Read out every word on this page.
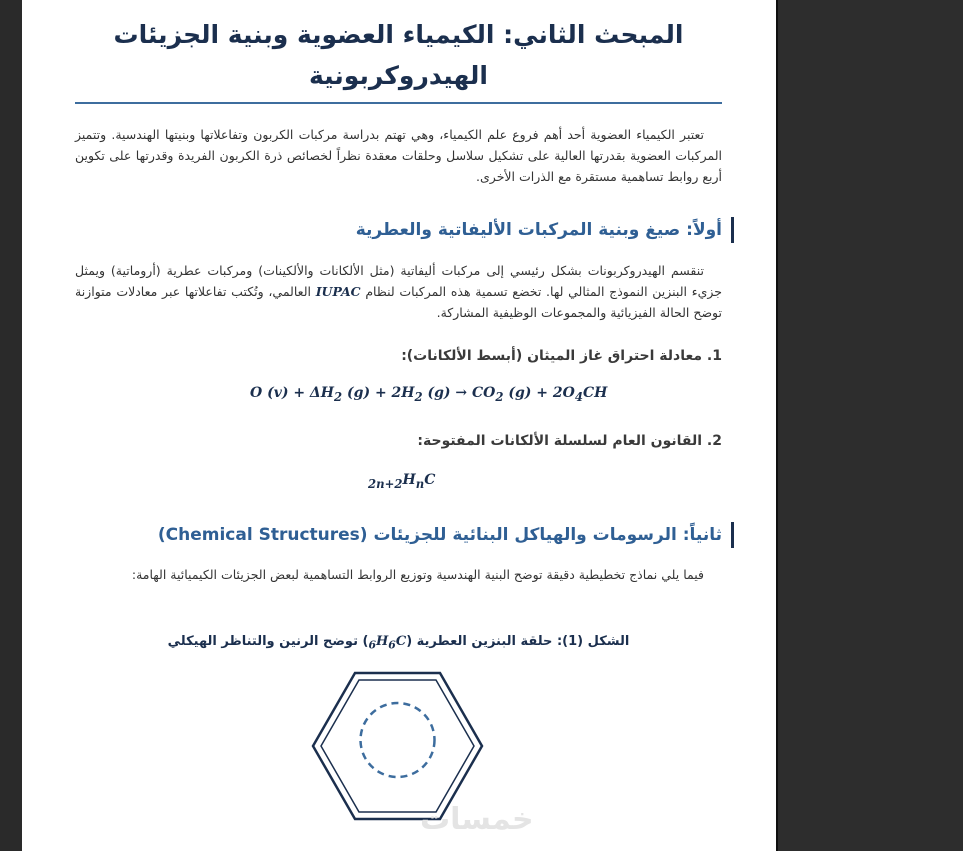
المبحث الثاني: الكيمياء العضوية وبنية الجزيئات الهيدروكربونية

تعتبر الكيمياء العضوية أحد أهم فروع علم الكيمياء، وهي تهتم بدراسة مركبات الكربون وتفاعلاتها وبنيتها الهندسية. وتتميز المركبات العضوية بقدرتها العالية على تشكيل سلاسل وحلقات معقدة نظراً لخصائص ذرة الكربون الفريدة وقدرتها على تكوين أربع روابط تساهمية مستقرة مع الذرات الأخرى.

أولاً: صيغ وبنية المركبات الأليفاتية والعطرية

تنقسم الهيدروكربونات بشكل رئيسي إلى مركبات أليفاتية (مثل الألكانات والألكينات) ومركبات عطرية (أروماتية) ويمثل جزيء البنزين النموذج المثالي لها. تخضع تسمية هذه المركبات لنظام IUPAC العالمي، وتُكتب تفاعلاتها عبر معادلات متوازنة توضح الحالة الفيزيائية والمجموعات الوظيفية المشاركة.

1. معادلة احتراق غاز الميثان (أبسط الألكانات):
O $(v) + \Delta H_2$ $(g) + 2H_2$ $(g) \to CO_2$ $(g) + 2O_4CH$
2. القانون العام لسلسلة الألكانات المفتوحة:
$_{2n+2}H_nC$
ثانياً: الرسومات والهياكل البنائية للجزيئات (Chemical Structures)

فيما يلي نماذج تخطيطية دقيقة توضح البنية الهندسية وتوزيع الروابط التساهمية لبعض الجزيئات الكيميائية الهامة:

الشكل (1): حلقة البنزين العطرية $(_6H_6C)$ توضح الرنين والتناظر الهيكلي
خمسات
